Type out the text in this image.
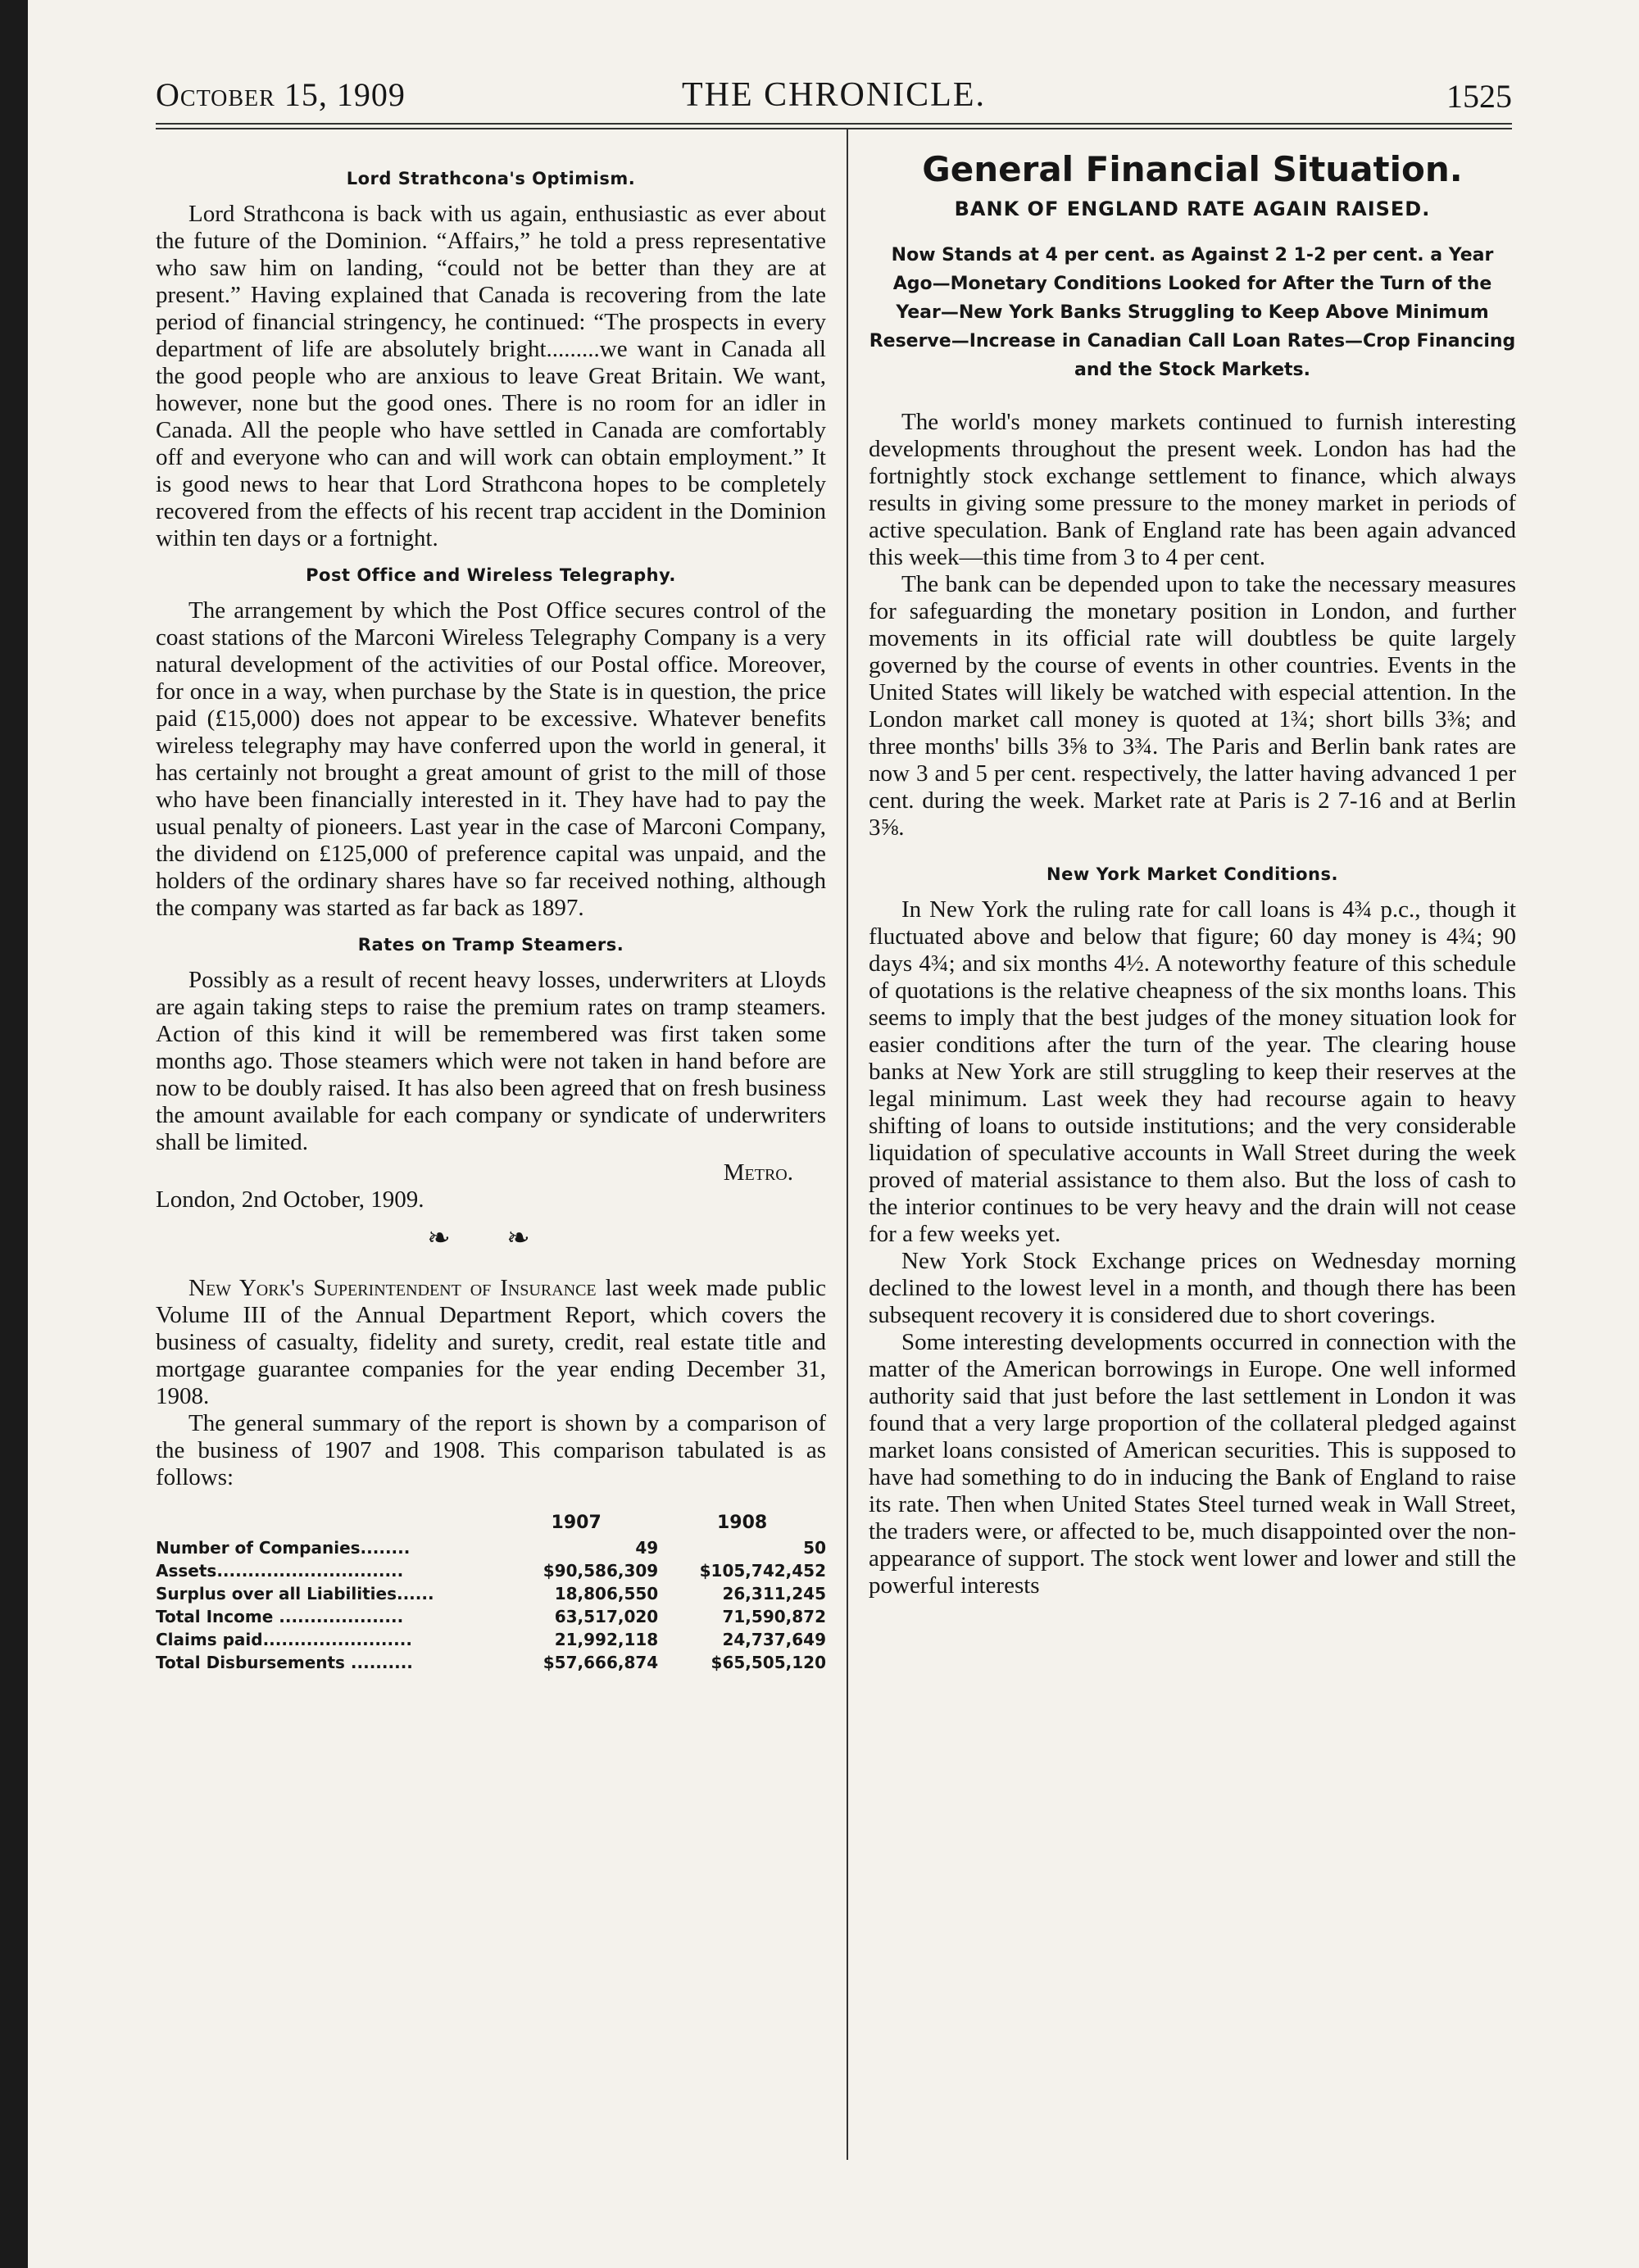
October 15, 1909	THE CHRONICLE.	1525
Lord Strathcona's Optimism.

Lord Strathcona is back with us again, enthusiastic as ever about the future of the Dominion. “Affairs,” he told a press representative who saw him on landing, “could not be better than they are at present.” Having explained that Canada is recovering from the late period of financial stringency, he continued: “The prospects in every department of life are absolutely bright.........we want in Canada all the good people who are anxious to leave Great Britain. We want, however, none but the good ones. There is no room for an idler in Canada. All the people who have settled in Canada are comfortably off and everyone who can and will work can obtain employment.” It is good news to hear that Lord Strathcona hopes to be completely recovered from the effects of his recent trap accident in the Dominion within ten days or a fortnight.

Post Office and Wireless Telegraphy.

The arrangement by which the Post Office secures control of the coast stations of the Marconi Wireless Telegraphy Company is a very natural development of the activities of our Postal office. Moreover, for once in a way, when purchase by the State is in question, the price paid (£15,000) does not appear to be excessive. Whatever benefits wireless telegraphy may have conferred upon the world in general, it has certainly not brought a great amount of grist to the mill of those who have been financially interested in it. They have had to pay the usual penalty of pioneers. Last year in the case of Marconi Company, the dividend on £125,000 of preference capital was unpaid, and the holders of the ordinary shares have so far received nothing, although the company was started as far back as 1897.

Rates on Tramp Steamers.

Possibly as a result of recent heavy losses, underwriters at Lloyds are again taking steps to raise the premium rates on tramp steamers. Action of this kind it will be remembered was first taken some months ago. Those steamers which were not taken in hand before are now to be doubly raised. It has also been agreed that on fresh business the amount available for each company or syndicate of underwriters shall be limited.

Metro.

London, 2nd October, 1909.

❧ ❧

New York's Superintendent of Insurance last week made public Volume III of the Annual Department Report, which covers the business of casualty, fidelity and surety, credit, real estate title and mortgage guarantee companies for the year ending December 31, 1908.

The general summary of the report is shown by a comparison of the business of 1907 and 1908. This comparison tabulated is as follows:

	1907	1908
Number of Companies........	49	50
Assets..............................	$90,586,309	$105,742,452
Surplus over all Liabilities......	18,806,550	26,311,245
Total Income ....................	63,517,020	71,590,872
Claims paid........................	21,992,118	24,737,649
Total Disbursements ..........	$57,666,874	$65,505,120
General Financial Situation.
BANK OF ENGLAND RATE AGAIN RAISED.
Now Stands at 4 per cent. as Against 2 1-2 per cent. a Year Ago—Monetary Conditions Looked for After the Turn of the Year—New York Banks Struggling to Keep Above Minimum Reserve—Increase in Canadian Call Loan Rates—Crop Financing and the Stock Markets.

The world's money markets continued to furnish interesting developments throughout the present week. London has had the fortnightly stock exchange settlement to finance, which always results in giving some pressure to the money market in periods of active speculation. Bank of England rate has been again advanced this week—this time from 3 to 4 per cent.

The bank can be depended upon to take the necessary measures for safeguarding the monetary position in London, and further movements in its official rate will doubtless be quite largely governed by the course of events in other countries. Events in the United States will likely be watched with especial attention. In the London market call money is quoted at 1¾; short bills 3⅜; and three months' bills 3⅝ to 3¾. The Paris and Berlin bank rates are now 3 and 5 per cent. respectively, the latter having advanced 1 per cent. during the week. Market rate at Paris is 2 7-16 and at Berlin 3⅝.

New York Market Conditions.

In New York the ruling rate for call loans is 4¾ p.c., though it fluctuated above and below that figure; 60 day money is 4¾; 90 days 4¾; and six months 4½. A noteworthy feature of this schedule of quotations is the relative cheapness of the six months loans. This seems to imply that the best judges of the money situation look for easier conditions after the turn of the year. The clearing house banks at New York are still struggling to keep their reserves at the legal minimum. Last week they had recourse again to heavy shifting of loans to outside institutions; and the very considerable liquidation of speculative accounts in Wall Street during the week proved of material assistance to them also. But the loss of cash to the interior continues to be very heavy and the drain will not cease for a few weeks yet.

New York Stock Exchange prices on Wednesday morning declined to the lowest level in a month, and though there has been subsequent recovery it is considered due to short coverings.

Some interesting developments occurred in connection with the matter of the American borrowings in Europe. One well informed authority said that just before the last settlement in London it was found that a very large proportion of the collateral pledged against market loans consisted of American securities. This is supposed to have had something to do in inducing the Bank of England to raise its rate. Then when United States Steel turned weak in Wall Street, the traders were, or affected to be, much disappointed over the non-appearance of support. The stock went lower and lower and still the powerful interests
